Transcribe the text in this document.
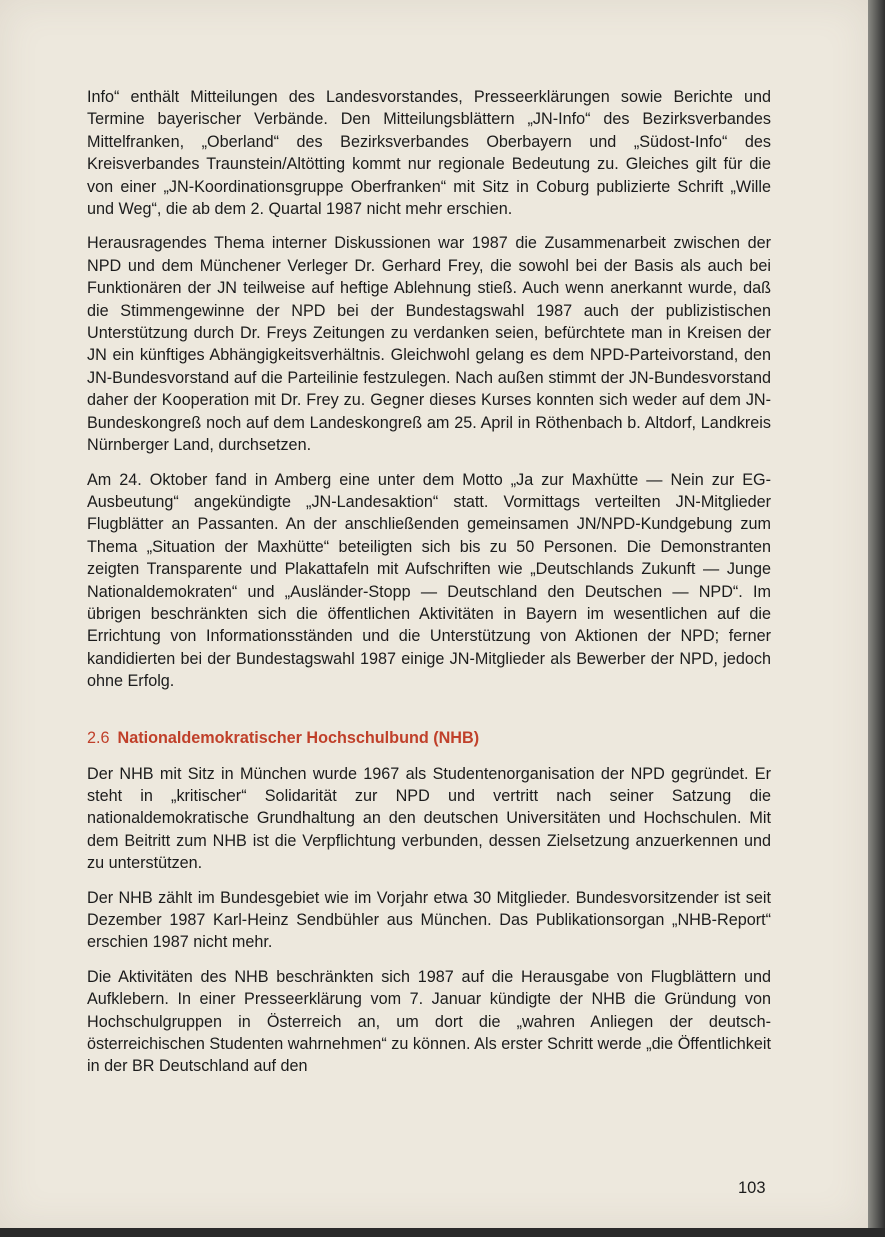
Info“ enthält Mitteilungen des Landesvorstandes, Presseerklärungen sowie Berichte und Termine bayerischer Verbände. Den Mitteilungsblättern „JN-Info“ des Bezirksverbandes Mittelfranken, „Oberland“ des Bezirksverbandes Oberbayern und „Südost-Info“ des Kreisverbandes Traunstein/Altötting kommt nur regionale Bedeutung zu. Gleiches gilt für die von einer „JN-Koordinationsgruppe Oberfranken“ mit Sitz in Coburg publizierte Schrift „Wille und Weg“, die ab dem 2. Quartal 1987 nicht mehr erschien.

Herausragendes Thema interner Diskussionen war 1987 die Zusammenarbeit zwischen der NPD und dem Münchener Verleger Dr. Gerhard Frey, die sowohl bei der Basis als auch bei Funktionären der JN teilweise auf heftige Ablehnung stieß. Auch wenn anerkannt wurde, daß die Stimmengewinne der NPD bei der Bundestagswahl 1987 auch der publizistischen Unterstützung durch Dr. Freys Zeitungen zu verdanken seien, befürchtete man in Kreisen der JN ein künftiges Abhängigkeitsverhältnis. Gleichwohl gelang es dem NPD-Parteivorstand, den JN-Bundesvorstand auf die Parteilinie festzulegen. Nach außen stimmt der JN-Bundesvorstand daher der Kooperation mit Dr. Frey zu. Gegner dieses Kurses konnten sich weder auf dem JN-Bundeskongreß noch auf dem Landeskongreß am 25. April in Röthenbach b. Altdorf, Landkreis Nürnberger Land, durchsetzen.

Am 24. Oktober fand in Amberg eine unter dem Motto „Ja zur Maxhütte — Nein zur EG-Ausbeutung“ angekündigte „JN-Landesaktion“ statt. Vormittags verteilten JN-Mitglieder Flugblätter an Passanten. An der anschließenden gemeinsamen JN/NPD-Kundgebung zum Thema „Situation der Maxhütte“ beteiligten sich bis zu 50 Personen. Die Demonstranten zeigten Transparente und Plakattafeln mit Aufschriften wie „Deutschlands Zukunft — Junge Nationaldemokraten“ und „Ausländer-Stopp — Deutschland den Deutschen — NPD“. Im übrigen beschränkten sich die öffentlichen Aktivitäten in Bayern im wesentlichen auf die Errichtung von Informationsständen und die Unterstützung von Aktionen der NPD; ferner kandidierten bei der Bundestagswahl 1987 einige JN-Mitglieder als Bewerber der NPD, jedoch ohne Erfolg.

2.6 Nationaldemokratischer Hochschulbund (NHB)

Der NHB mit Sitz in München wurde 1967 als Studentenorganisation der NPD gegründet. Er steht in „kritischer“ Solidarität zur NPD und vertritt nach seiner Satzung die nationaldemokratische Grundhaltung an den deutschen Universitäten und Hochschulen. Mit dem Beitritt zum NHB ist die Verpflichtung verbunden, dessen Zielsetzung anzuerkennen und zu unterstützen.

Der NHB zählt im Bundesgebiet wie im Vorjahr etwa 30 Mitglieder. Bundesvorsitzender ist seit Dezember 1987 Karl-Heinz Sendbühler aus München. Das Publikationsorgan „NHB-Report“ erschien 1987 nicht mehr.

Die Aktivitäten des NHB beschränkten sich 1987 auf die Herausgabe von Flugblättern und Aufklebern. In einer Presseerklärung vom 7. Januar kündigte der NHB die Gründung von Hochschulgruppen in Österreich an, um dort die „wahren Anliegen der deutsch-österreichischen Studenten wahrnehmen“ zu können. Als erster Schritt werde „die Öffentlichkeit in der BR Deutschland auf den

103
